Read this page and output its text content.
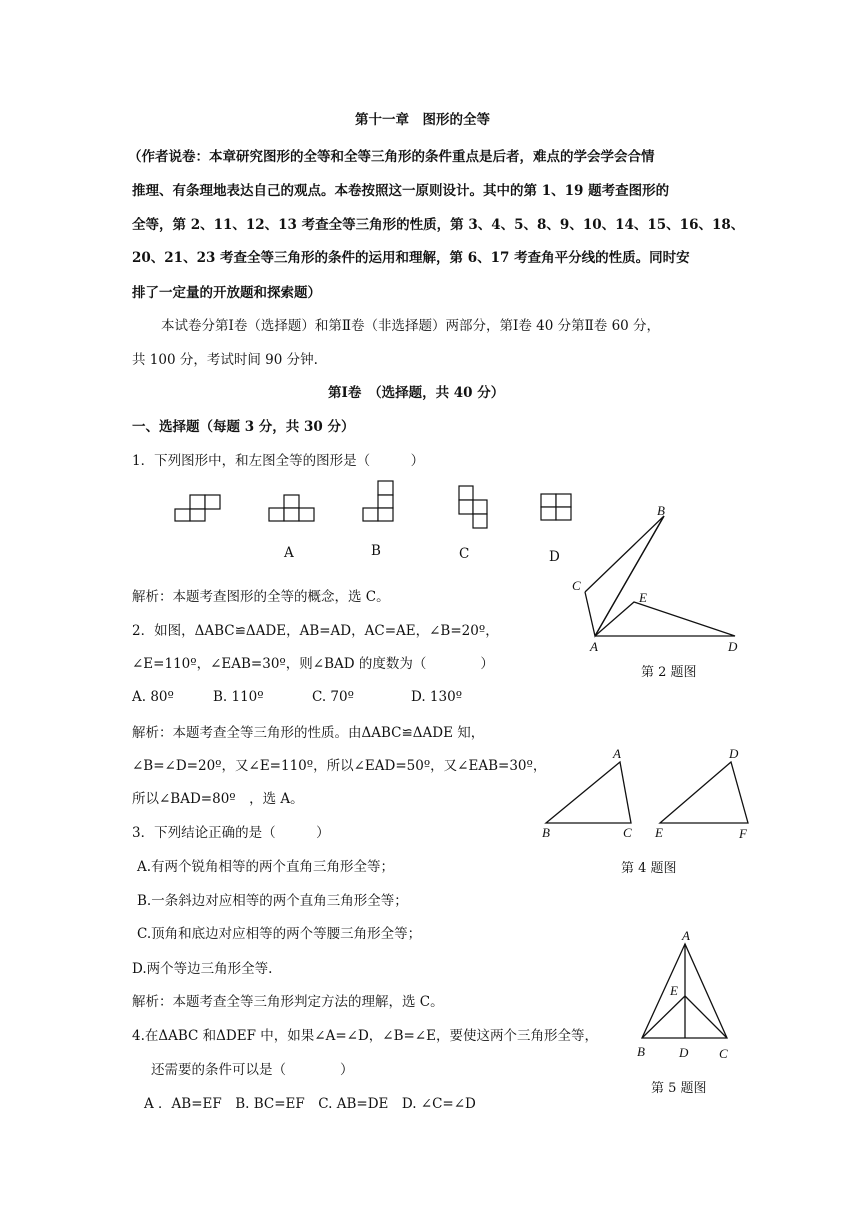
第十一章　图形的全等
（作者说卷：本章研究图形的全等和全等三角形的条件重点是后者，难点的学会学会合情
推理、有条理地表达自己的观点。本卷按照这一原则设计。其中的第 1、19 题考查图形的
全等，第 2、11、12、13 考查全等三角形的性质，第 3、4、5、8、9、10、14、15、16、18、
20、21、23 考查全等三角形的条件的运用和理解，第 6、17 考查角平分线的性质。同时安
排了一定量的开放题和探索题）
本试卷分第Ⅰ卷（选择题）和第Ⅱ卷（非选择题）两部分，第Ⅰ卷 40 分第Ⅱ卷 60 分，
共 100 分，考试时间 90 分钟.
第Ⅰ卷　（选择题，共 40 分）
一、选择题（每题 3 分，共 30 分）
1．下列图形中，和左图全等的图形是（　　　）
A	B	C	D
解析：本题考查图形的全等的概念，选 C。
2．如图，ΔABC≌ΔADE，AB=AD，AC=AE，∠B=20º，
∠E=110º，∠EAB=30º，则∠BAD 的度数为（　　　　）
A. 80º	B. 110º	C. 70º	D. 130º
解析：本题考查全等三角形的性质。由ΔABC≌ΔADE 知，
∠B=∠D=20º，又∠E=110º，所以∠EAD=50º，又∠EAB=30º，
所以∠BAD=80º　，选 A。
3．下列结论正确的是（　　　）
A.有两个锐角相等的两个直角三角形全等；
B.一条斜边对应相等的两个直角三角形全等；
C.顶角和底边对应相等的两个等腰三角形全等；
D.两个等边三角形全等.
解析：本题考查全等三角形判定方法的理解，选 C。
4.在ΔABC 和ΔDEF 中，如果∠A=∠D，∠B=∠E，要使这两个三角形全等，
还需要的条件可以是（　　　　）
A ．AB=EF　B. BC=EF　C. AB=DE　D. ∠C=∠D
B
C
E
A	D
A
B	C
D
E	F
A
E
B	D C
第 2 题图
第 4 题图
第 5 题图
